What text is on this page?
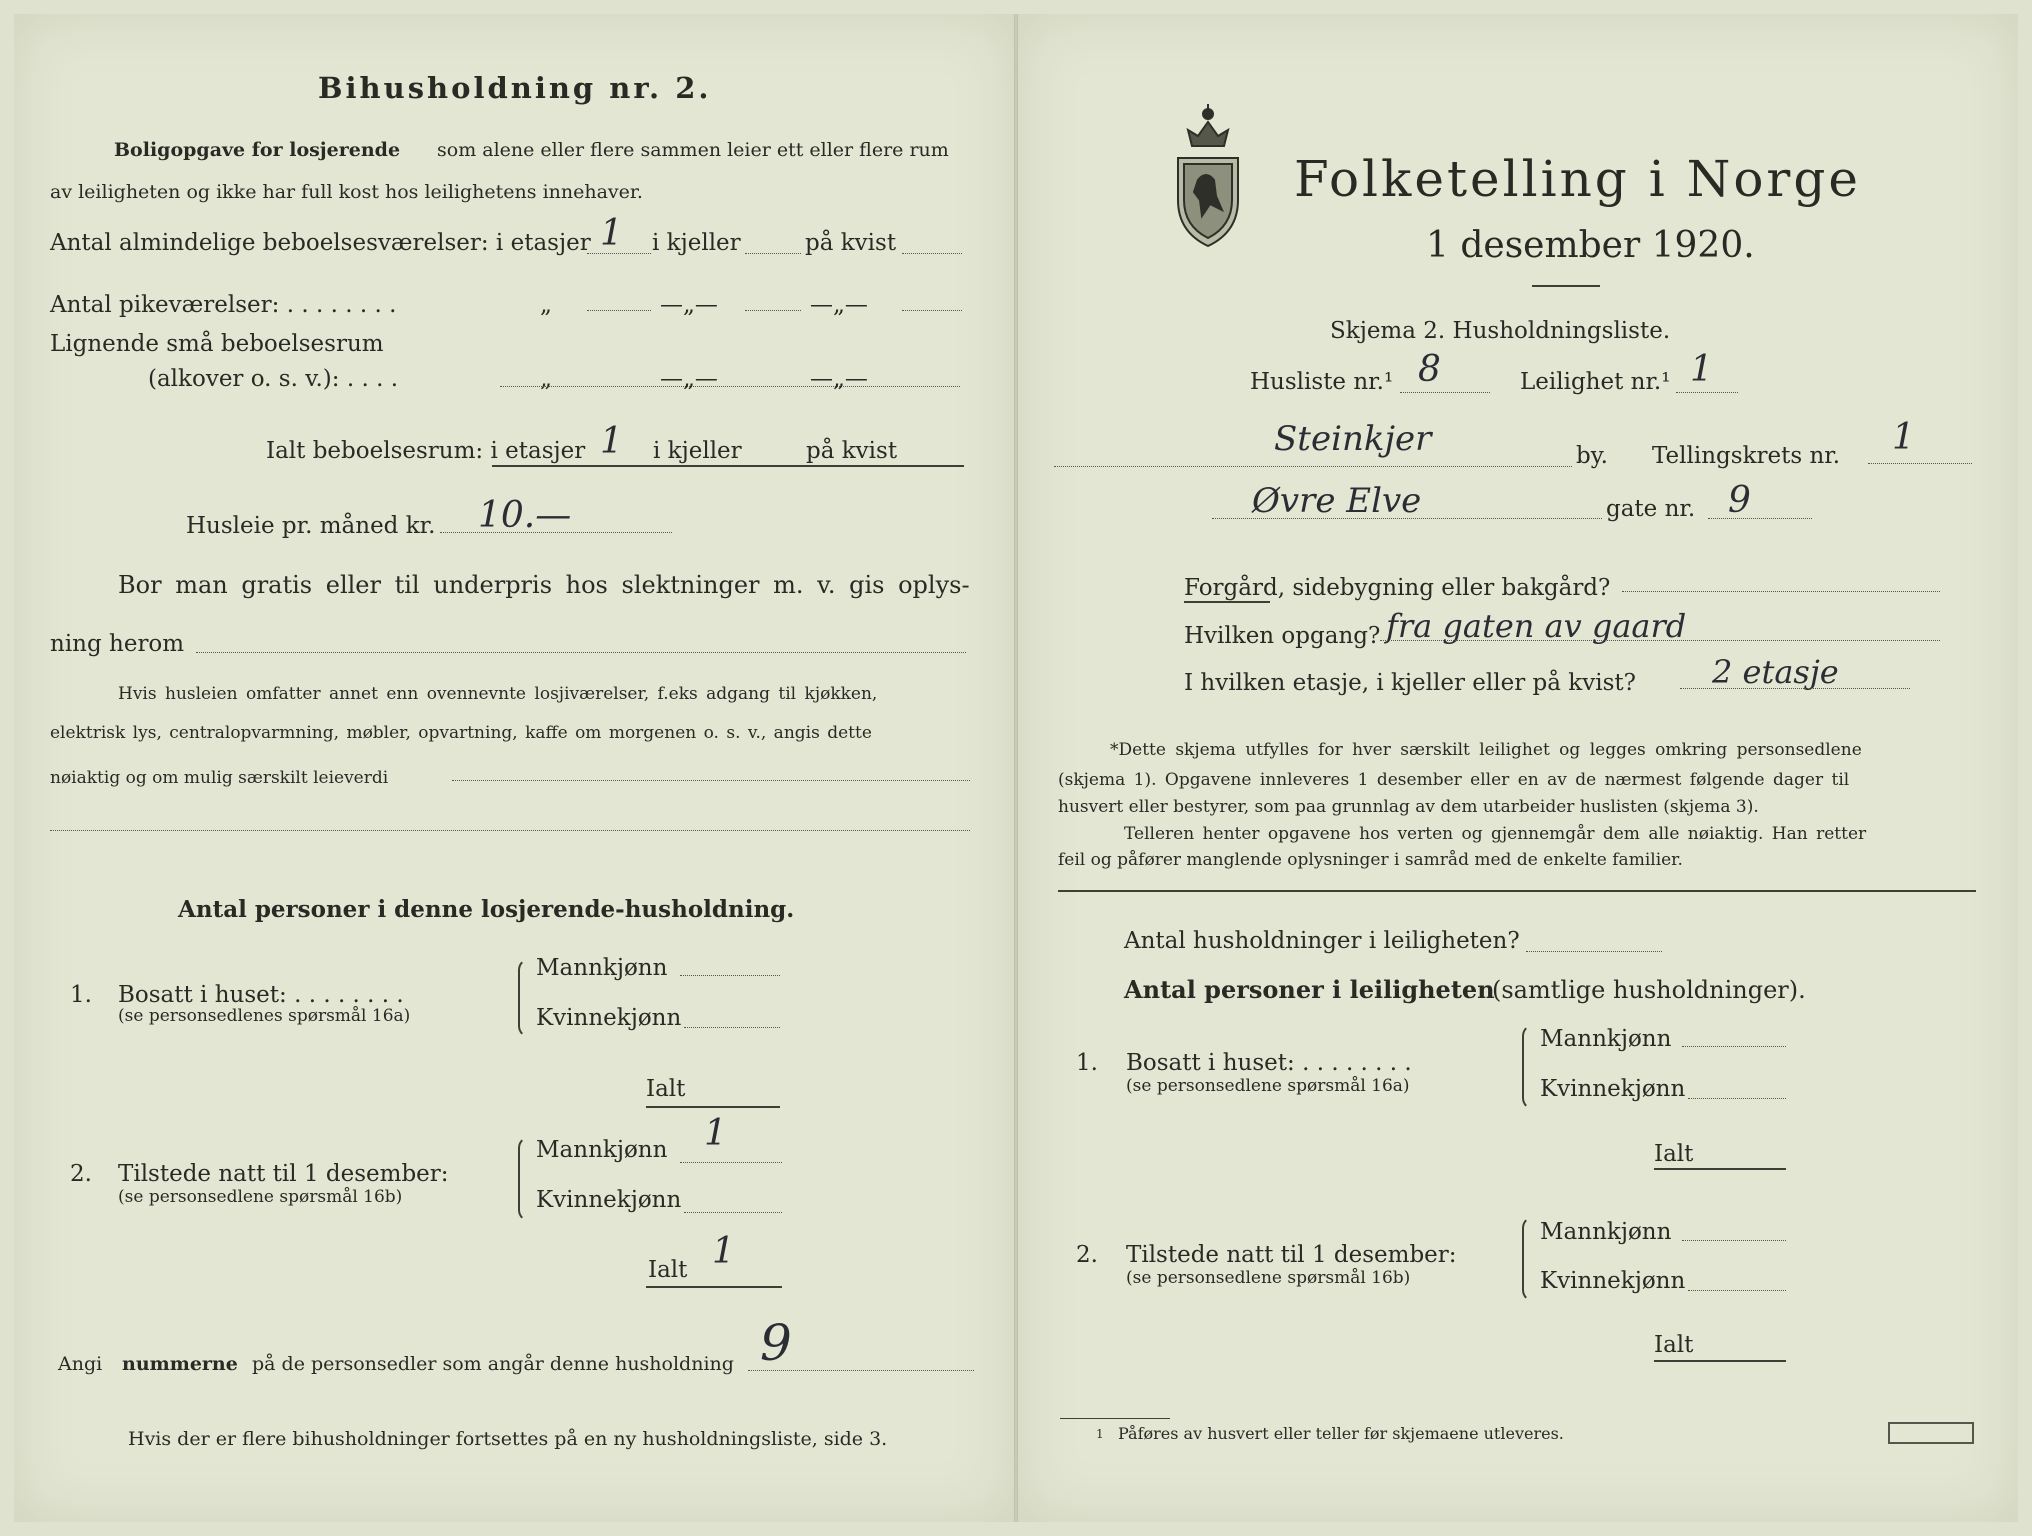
Bihusholdning nr. 2.
Boligopgave for losjerende som alene eller flere sammen leier ett eller flere rum
av leiligheten og ikke har full kost hos leilighetens innehaver.
Antal almindelige beboelsesværelser: i etasjer 1 i kjeller	på kvist
Antal pikeværelser: . . . . . . . .	„	—„—	—„—
Lignende små beboelsesrum
(alkover o. s. v.): . . . .	„	—„—	—„—
Ialt beboelsesrum: i etasjer 1 i kjeller	på kvist
Husleie pr. måned kr. 10.—
Bor man gratis eller til underpris hos slektninger m. v. gis oplys-
ning herom
Hvis husleien omfatter annet enn ovennevnte losjiværelser, f.eks adgang til kjøkken,
elektrisk lys, centralopvarmning, møbler, opvartning, kaffe om morgenen o. s. v., angis dette
nøiaktig og om mulig særskilt leieverdi
Antal personer i denne losjerende-husholdning.
1. Bosatt i huset: . . . . . . . .
(se personsedlenes spørsmål 16a)
Mannkjønn
Kvinnekjønn
Ialt
2. Tilstede natt til 1 desember:
(se personsedlene spørsmål 16b)
Mannkjønn 1
Kvinnekjønn
Ialt 1
Angi nummerne på de personsedler som angår denne husholdning 9
Hvis der er flere bihusholdninger fortsettes på en ny husholdningsliste, side 3.
Folketelling i Norge
1 desember 1920.
Skjema 2. Husholdningsliste.
Husliste nr.¹ 8	Leilighet nr.¹ 1
Steinkjer	by. Tellingskrets nr. 1
Øvre Elve	gate nr. 9
Forgård, sidebygning eller bakgård?
Hvilken opgang? fra gaten av gaard
I hvilken etasje, i kjeller eller på kvist? 2 etasje
*Dette skjema utfylles for hver særskilt leilighet og legges omkring personsedlene
(skjema 1). Opgavene innleveres 1 desember eller en av de nærmest følgende dager til
husvert eller bestyrer, som paa grunnlag av dem utarbeider huslisten (skjema 3).
Telleren henter opgavene hos verten og gjennemgår dem alle nøiaktig. Han retter
feil og påfører manglende oplysninger i samråd med de enkelte familier.
Antal husholdninger i leiligheten?
Antal personer i leiligheten
(samtlige husholdninger).
1. Bosatt i huset: . . . . . . . .
(se personsedlene spørsmål 16a)
Mannkjønn
Kvinnekjønn
Ialt
2. Tilstede natt til 1 desember:
(se personsedlene spørsmål 16b)
Mannkjønn
Kvinnekjønn
Ialt
1 Påføres av husvert eller teller før skjemaene utleveres.
